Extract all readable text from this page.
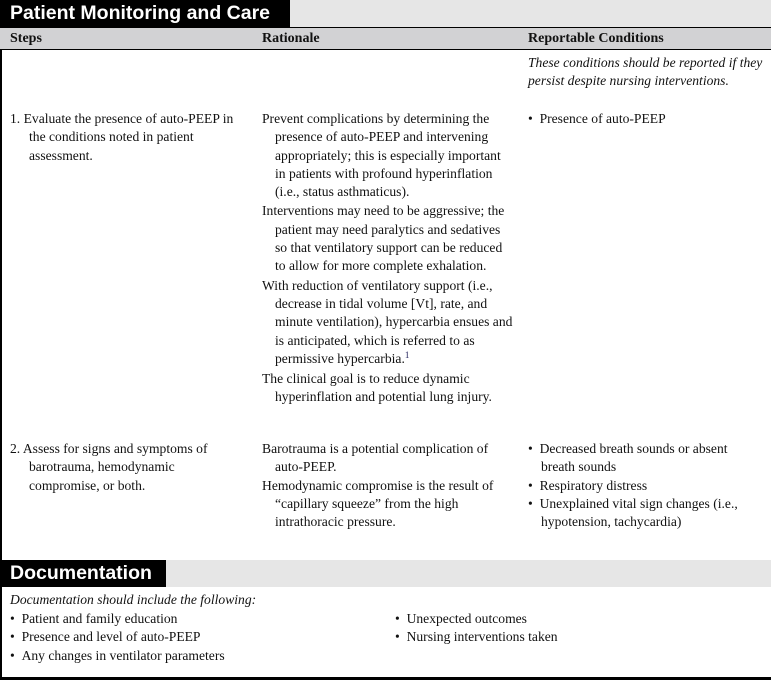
Patient Monitoring and Care
Steps	Rationale	Reportable Conditions

These conditions should be reported if they persist despite nursing interventions.

1. Evaluate the presence of auto-PEEP in the conditions noted in patient assessment.

Prevent complications by determining the presence of auto-PEEP and intervening appropriately; this is especially important in patients with profound hyperinflation (i.e., status asthmaticus).

Interventions may need to be aggressive; the patient may need paralytics and sedatives so that ventilatory support can be reduced to allow for more complete exhalation.

With reduction of ventilatory support (i.e., decrease in tidal volume [Vt], rate, and minute ventilation), hypercarbia ensues and is anticipated, which is referred to as permissive hypercarbia.$^1$

The clinical goal is to reduce dynamic hyperinflation and potential lung injury.

• Presence of auto-PEEP

2. Assess for signs and symptoms of barotrauma, hemodynamic compromise, or both.

Barotrauma is a potential complication of auto-PEEP.

Hemodynamic compromise is the result of “capillary squeeze” from the high intrathoracic pressure.

• Decreased breath sounds or absent breath sounds

• Respiratory distress

• Unexplained vital sign changes (i.e., hypotension, tachycardia)

Documentation

Documentation should include the following:

• Patient and family education

• Presence and level of auto-PEEP

• Any changes in ventilator parameters

• Unexpected outcomes

• Nursing interventions taken
